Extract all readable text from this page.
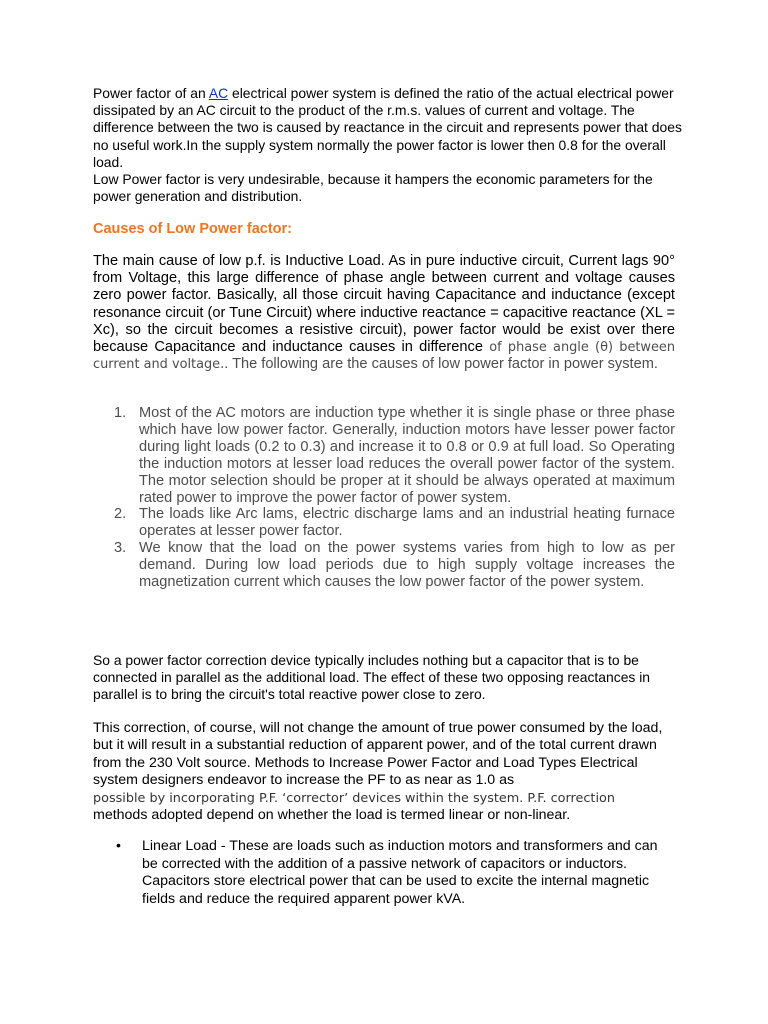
Power factor of an AC electrical power system is defined the ratio of the actual electrical power dissipated by an AC circuit to the product of the r.m.s. values of current and voltage. The difference between the two is caused by reactance in the circuit and represents power that does no useful work.In the supply system normally the power factor is lower then 0.8 for the overall load.
Low Power factor is very undesirable, because it hampers the economic parameters for the power generation and distribution.
Causes of Low Power factor:
The main cause of low p.f. is Inductive Load. As in pure inductive circuit, Current lags 90° from Voltage, this large difference of phase angle between current and voltage causes zero power factor. Basically, all those circuit having Capacitance and inductance (except resonance circuit (or Tune Circuit) where inductive reactance = capacitive reactance (XL = Xc), so the circuit becomes a resistive circuit), power factor would be exist over there because Capacitance and inductance causes in difference of phase angle (θ) between current and voltage.. The following are the causes of low power factor in power system.
1. Most of the AC motors are induction type whether it is single phase or three phase which have low power factor. Generally, induction motors have lesser power factor during light loads (0.2 to 0.3) and increase it to 0.8 or 0.9 at full load. So Operating the induction motors at lesser load reduces the overall power factor of the system. The motor selection should be proper at it should be always operated at maximum rated power to improve the power factor of power system.
2. The loads like Arc lams, electric discharge lams and an industrial heating furnace operates at lesser power factor.
3. We know that the load on the power systems varies from high to low as per demand. During low load periods due to high supply voltage increases the magnetization current which causes the low power factor of the power system.
So a power factor correction device typically includes nothing but a capacitor that is to be connected in parallel as the additional load. The effect of these two opposing reactances in parallel is to bring the circuit's total reactive power close to zero.
This correction, of course, will not change the amount of true power consumed by the load, but it will result in a substantial reduction of apparent power, and of the total current drawn from the 230 Volt source. Methods to Increase Power Factor and Load Types Electrical system designers endeavor to increase the PF to as near as 1.0 as
possible by incorporating P.F. ‘corrector’ devices within the system. P.F. correction
methods adopted depend on whether the load is termed linear or non-linear.
• Linear Load - These are loads such as induction motors and transformers and can be corrected with the addition of a passive network of capacitors or inductors. Capacitors store electrical power that can be used to excite the internal magnetic fields and reduce the required apparent power kVA.
